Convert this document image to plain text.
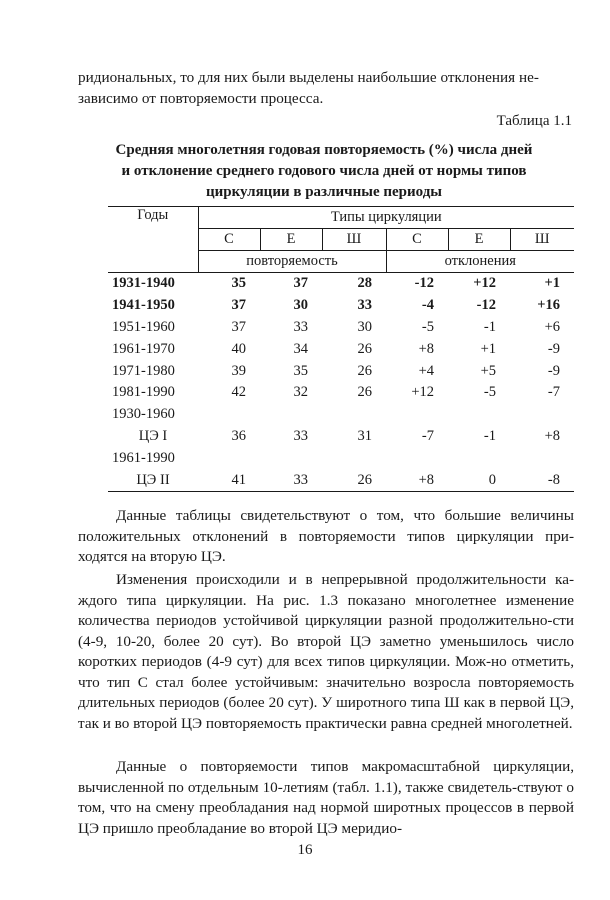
ридиональных, то для них были выделены наибольшие отклонения не-
зависимо от повторяемости процесса.

Таблица 1.1

Средняя многолетняя годовая повторяемость (%) числа дней
и отклонение среднего годового числа дней от нормы типов
циркуляции в различные периоды

Годы	Типы циркуляции					
	С	Е	Ш	С	Е	Ш
	повторяемость			отклонения		
1931-1940	35	37	28	-12	+12	+1
1941-1950	37	30	33	-4	-12	+16
1951-1960	37	33	30	-5	-1	+6
1961-1970	40	34	26	+8	+1	-9
1971-1980	39	35	26	+4	+5	-9
1981-1990	42	32	26	+12	-5	-7
1930-1960						
ЦЭ I	36	33	31	-7	-1	+8
1961-1990						
ЦЭ II	41	33	26	+8	0	-8

Данные таблицы свидетельствуют о том, что большие величины положительных отклонений в повторяемости типов циркуляции при-ходятся на вторую ЦЭ.

Изменения происходили и в непрерывной продолжительности ка-ждого типа циркуляции. На рис. 1.3 показано многолетнее изменение количества периодов устойчивой циркуляции разной продолжительно-сти (4-9, 10-20, более 20 сут). Во второй ЦЭ заметно уменьшилось число коротких периодов (4-9 сут) для всех типов циркуляции. Мож-но отметить, что тип С стал более устойчивым: значительно возросла повторяемость длительных периодов (более 20 сут). У широтного типа Ш как в первой ЦЭ, так и во второй ЦЭ повторяемость практически равна средней многолетней.

Данные о повторяемости типов макромасштабной циркуляции, вычисленной по отдельным 10-летиям (табл. 1.1), также свидетель-ствуют о том, что на смену преобладания над нормой широтных процессов в первой ЦЭ пришло преобладание во второй ЦЭ меридио-

16
